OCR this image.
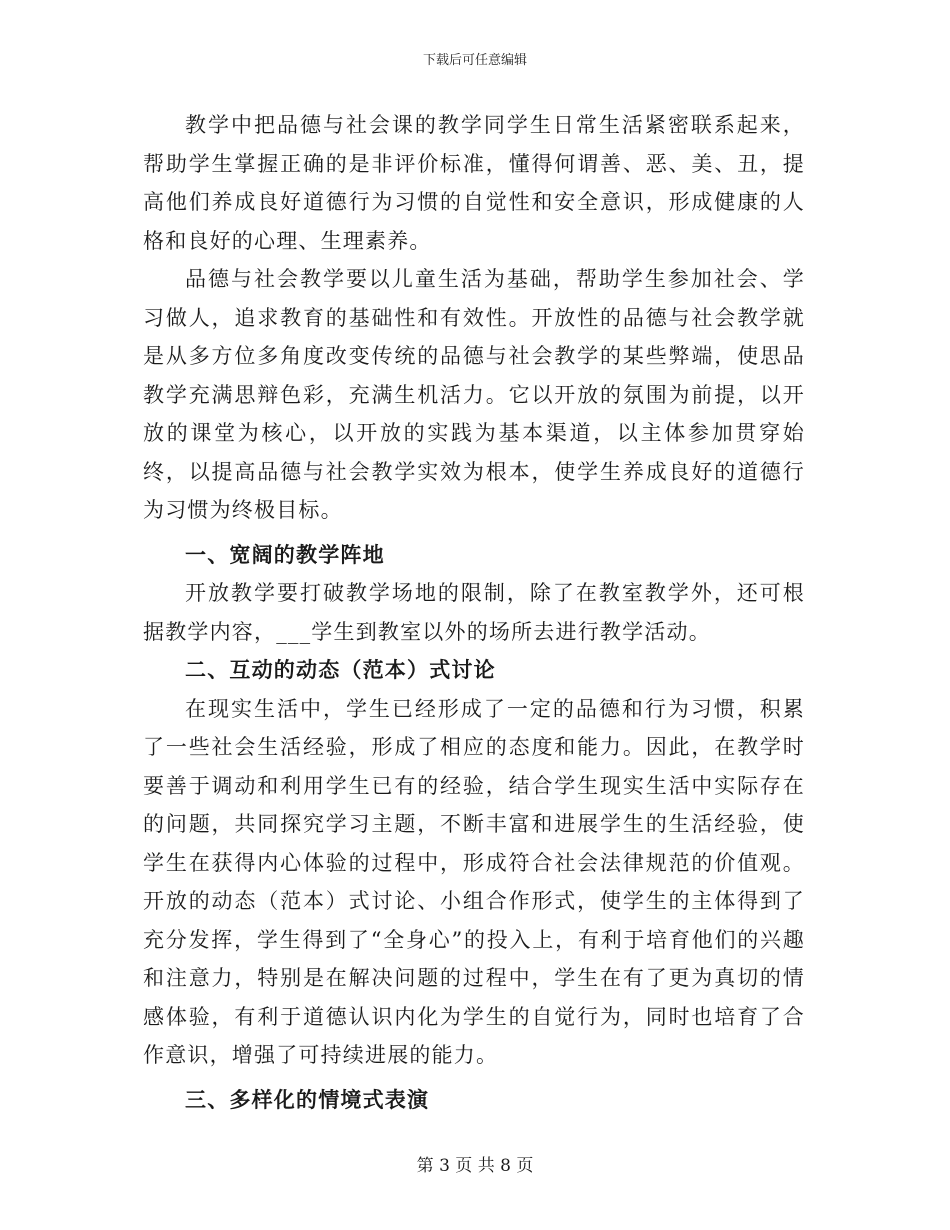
下载后可任意编辑

教学中把品德与社会课的教学同学生日常生活紧密联系起来，帮助学生掌握正确的是非评价标准，懂得何谓善、恶、美、丑，提高他们养成良好道德行为习惯的自觉性和安全意识，形成健康的人格和良好的心理、生理素养。

品德与社会教学要以儿童生活为基础，帮助学生参加社会、学习做人，追求教育的基础性和有效性。开放性的品德与社会教学就是从多方位多角度改变传统的品德与社会教学的某些弊端，使思品教学充满思辩色彩，充满生机活力。它以开放的氛围为前提，以开放的课堂为核心，以开放的实践为基本渠道，以主体参加贯穿始终，以提高品德与社会教学实效为根本，使学生养成良好的道德行为习惯为终极目标。

一、宽阔的教学阵地

开放教学要打破教学场地的限制，除了在教室教学外，还可根据教学内容，___学生到教室以外的场所去进行教学活动。

二、互动的动态（范本）式讨论

在现实生活中，学生已经形成了一定的品德和行为习惯，积累了一些社会生活经验，形成了相应的态度和能力。因此，在教学时要善于调动和利用学生已有的经验，结合学生现实生活中实际存在的问题，共同探究学习主题，不断丰富和进展学生的生活经验，使学生在获得内心体验的过程中，形成符合社会法律规范的价值观。开放的动态（范本）式讨论、小组合作形式，使学生的主体得到了充分发挥，学生得到了“全身心”的投入上，有利于培育他们的兴趣和注意力，特别是在解决问题的过程中，学生在有了更为真切的情感体验，有利于道德认识内化为学生的自觉行为，同时也培育了合作意识，增强了可持续进展的能力。

三、多样化的情境式表演

第 3 页 共 8 页
